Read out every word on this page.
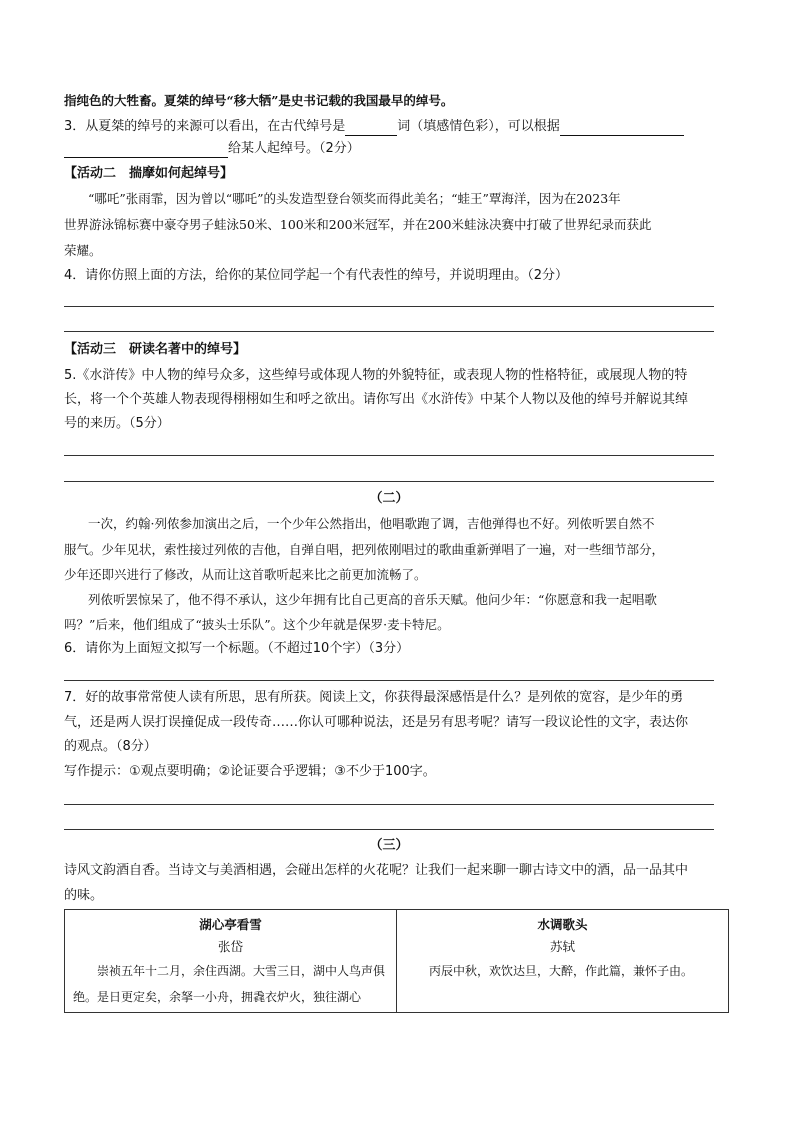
指纯色的大牲畜。夏桀的绰号“移大牺”是史书记载的我国最早的绰号。
3．从夏桀的绰号的来源可以看出，在古代绰号是	词（填感情色彩），可以根据
给某人起绰号。（2分）
【活动二　揣摩如何起绰号】
“哪吒”张雨霏，因为曾以“哪吒”的头发造型登台领奖而得此美名；“蛙王”覃海洋，因为在2023年
世界游泳锦标赛中豪夺男子蛙泳50米、100米和200米冠军，并在200米蛙泳决赛中打破了世界纪录而获此
荣耀。
4．请你仿照上面的方法，给你的某位同学起一个有代表性的绰号，并说明理由。（2分）
【活动三　研读名著中的绰号】
5.《水浒传》中人物的绰号众多，这些绰号或体现人物的外貌特征，或表现人物的性格特征，或展现人物的特
长，将一个个英雄人物表现得栩栩如生和呼之欲出。请你写出《水浒传》中某个人物以及他的绰号并解说其绰
号的来历。（5分）
（二）
一次，约翰·列侬参加演出之后，一个少年公然指出，他唱歌跑了调，吉他弹得也不好。列侬听罢自然不
服气。少年见状，索性接过列侬的吉他，自弹自唱，把列侬刚唱过的歌曲重新弹唱了一遍，对一些细节部分，
少年还即兴进行了修改，从而让这首歌听起来比之前更加流畅了。
列侬听罢惊呆了，他不得不承认，这少年拥有比自己更高的音乐天赋。他问少年：“你愿意和我一起唱歌
吗？”后来，他们组成了“披头士乐队”。这个少年就是保罗·麦卡特尼。
6．请你为上面短文拟写一个标题。（不超过10个字）（3分）
7．好的故事常常使人读有所思，思有所获。阅读上文，你获得最深感悟是什么？是列侬的宽容，是少年的勇
气，还是两人误打误撞促成一段传奇……你认可哪种说法，还是另有思考呢？请写一段议论性的文字，表达你
的观点。（8分）
写作提示：①观点要明确；②论证要合乎逻辑；③不少于100字。
（三）
诗风文韵酒自香。当诗文与美酒相遇，会碰出怎样的火花呢？让我们一起来聊一聊古诗文中的酒，品一品其中
的味。
湖心亭看雪
张岱
崇祯五年十二月，余住西湖。大雪三日，湖中人鸟声俱绝。是日更定矣，余拏一小舟，拥毳衣炉火，独往湖心

水调歌头
苏轼
丙辰中秋，欢饮达旦，大醉，作此篇，兼怀子由。
